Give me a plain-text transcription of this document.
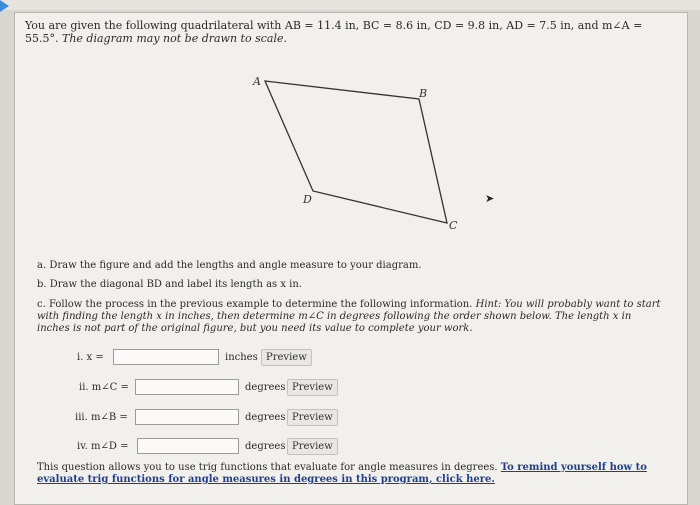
You are given the following quadrilateral with AB = 11.4 in, BC = 8.6 in, CD = 9.8 in, AD = 7.5 in, and m∠A = 55.5°. The diagram may not be drawn to scale.
A
B
C
D	➤
a. Draw the figure and add the lengths and angle measure to your diagram.
b. Draw the diagonal BD and label its length as x in.
c. Follow the process in the previous example to determine the following information. Hint: You will probably want to start with finding the length x in inches, then determine m∠C in degrees following the order shown below. The length x in inches is not part of the original figure, but you need its value to complete your work.
i. x =	inches Preview
ii. m∠C =	degrees Preview
iii. m∠B =	degrees Preview
iv. m∠D =	degrees Preview
This question allows you to use trig functions that evaluate for angle measures in degrees. To remind yourself how to evaluate trig functions for angle measures in degrees in this program, click here.
